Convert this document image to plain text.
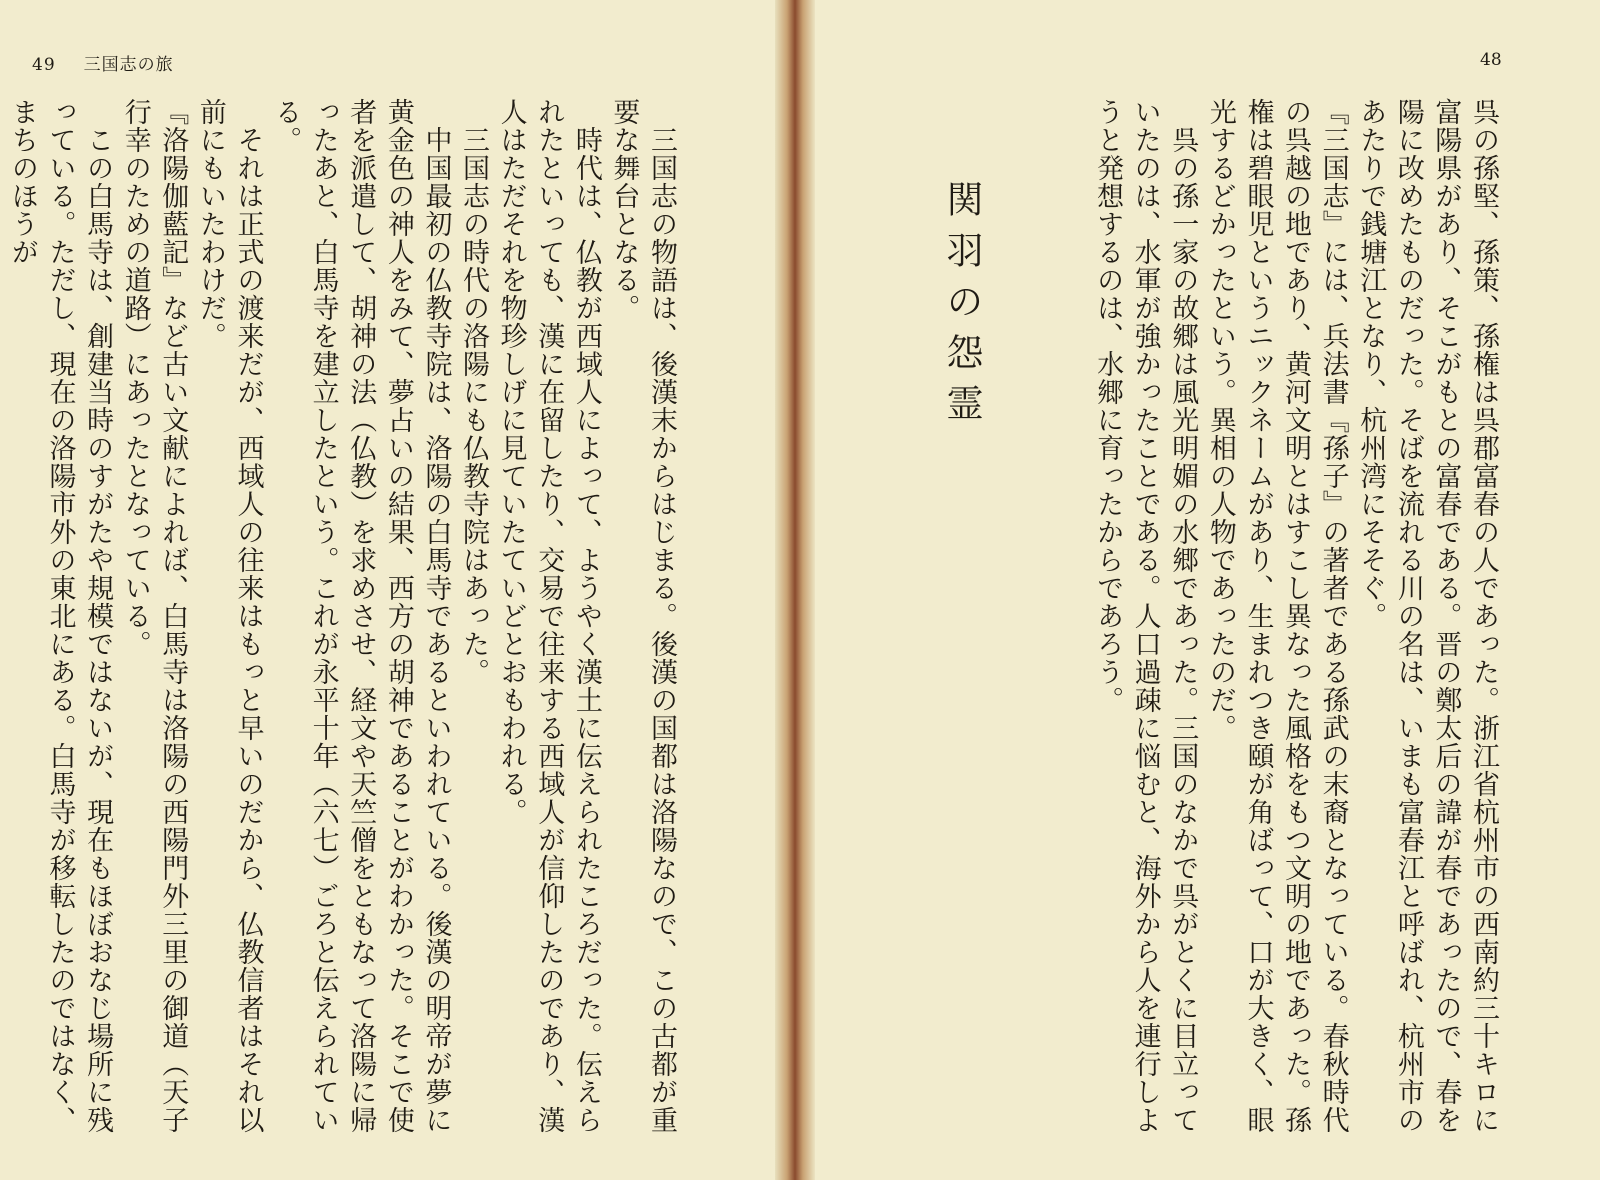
49 三国志の旅	48

呉の孫堅、孫策、孫権は呉郡富春の人であった。浙江省杭州市の西南約三十キロに富陽県があり、そこがもとの富春である。晋の鄭太后の諱が春であったので、春を陽に改めたものだった。そばを流れる川の名は、いまも富春江と呼ばれ、杭州市のあたりで銭塘江となり、杭州湾にそそぐ。

『三国志』には、兵法書『孫子』の著者である孫武の末裔となっている。春秋時代の呉越の地であり、黄河文明とはすこし異なった風格をもつ文明の地であった。孫権は碧眼児というニックネームがあり、生まれつき頤が角ばって、口が大きく、眼光するどかったという。異相の人物であったのだ。

　呉の孫一家の故郷は風光明媚の水郷であった。三国のなかで呉がとくに目立っていたのは、水軍が強かったことである。人口過疎に悩むと、海外から人を連行しようと発想するのは、水郷に育ったからであろう。

関羽の怨霊

　三国志の物語は、後漢末からはじまる。後漢の国都は洛陽なので、この古都が重要な舞台となる。

　時代は、仏教が西域人によって、ようやく漢土に伝えられたころだった。伝えられたといっても、漢に在留したり、交易で往来する西域人が信仰したのであり、漢人はただそれを物珍しげに見ていたていどとおもわれる。

　三国志の時代の洛陽にも仏教寺院はあった。

　中国最初の仏教寺院は、洛陽の白馬寺であるといわれている。後漢の明帝が夢に黄金色の神人をみて、夢占いの結果、西方の胡神であることがわかった。そこで使者を派遣して、胡神の法（仏教）を求めさせ、経文や天竺僧をともなって洛陽に帰ったあと、白馬寺を建立したという。これが永平十年（六七）ごろと伝えられている。

　それは正式の渡来だが、西域人の往来はもっと早いのだから、仏教信者はそれ以前にもいたわけだ。

『洛陽伽藍記』など古い文献によれば、白馬寺は洛陽の西陽門外三里の御道（天子行幸のための道路）にあったとなっている。

　この白馬寺は、創建当時のすがたや規模ではないが、現在もほぼおなじ場所に残っている。ただし、現在の洛陽市外の東北にある。白馬寺が移転したのではなく、まちのほうが
